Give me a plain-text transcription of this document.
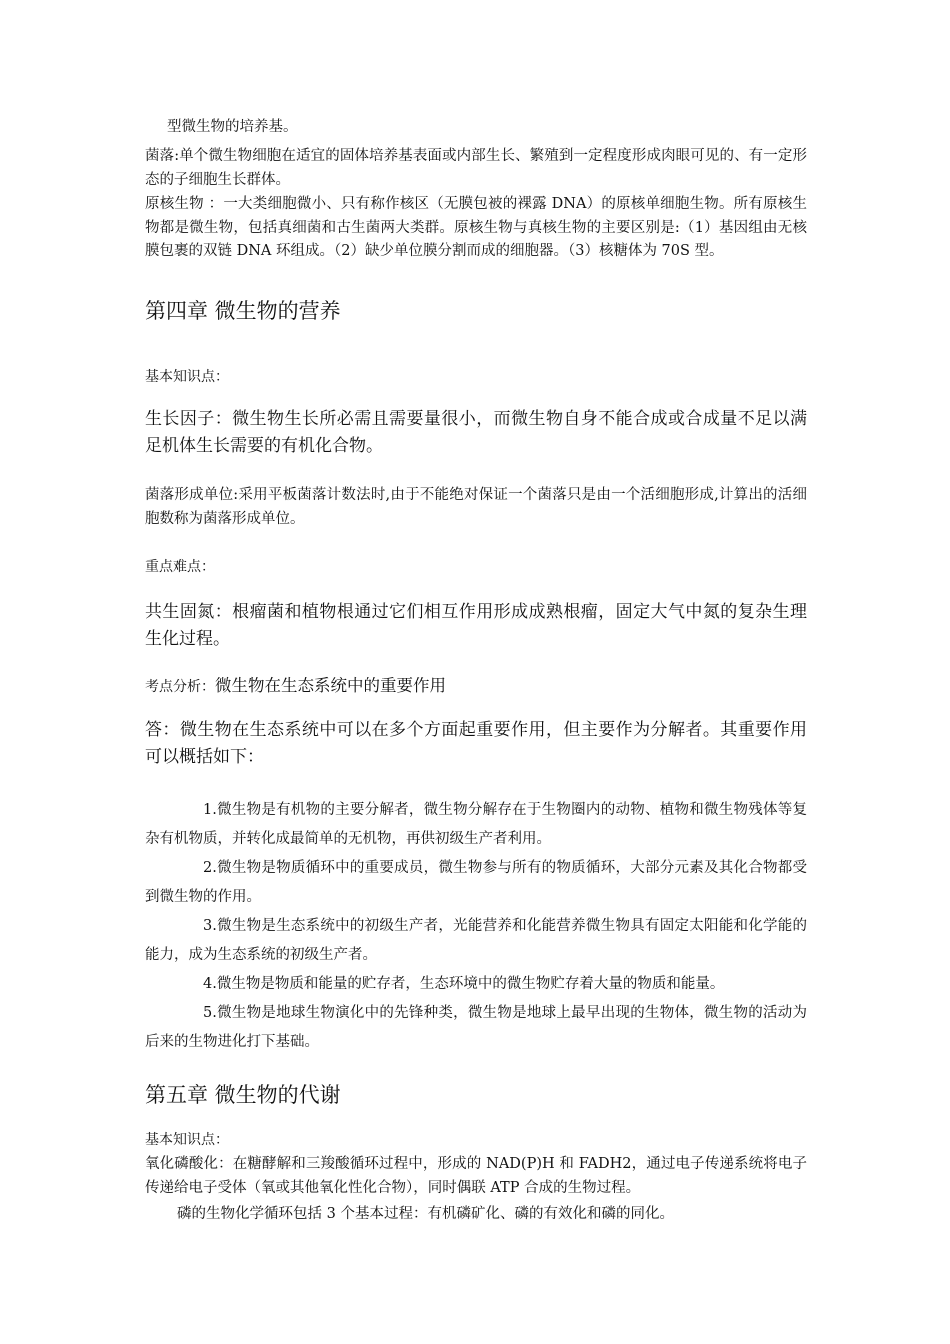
型微生物的培养基。

菌落:单个微生物细胞在适宜的固体培养基表面或内部生长、繁殖到一定程度形成肉眼可见的、有一定形态的子细胞生长群体。

原核生物 ：一大类细胞微小、只有称作核区（无膜包被的裸露 DNA）的原核单细胞生物。所有原核生物都是微生物，包括真细菌和古生菌两大类群。原核生物与真核生物的主要区别是:（1）基因组由无核膜包裹的双链 DNA 环组成。（2）缺少单位膜分割而成的细胞器。（3）核糖体为 70S 型。

第四章 微生物的营养

基本知识点：

生长因子：微生物生长所必需且需要量很小，而微生物自身不能合成或合成量不足以满足机体生长需要的有机化合物。

菌落形成单位:采用平板菌落计数法时,由于不能绝对保证一个菌落只是由一个活细胞形成,计算出的活细胞数称为菌落形成单位。

重点难点：

共生固氮：根瘤菌和植物根通过它们相互作用形成成熟根瘤，固定大气中氮的复杂生理生化过程。

考点分析：微生物在生态系统中的重要作用

答：微生物在生态系统中可以在多个方面起重要作用，但主要作为分解者。其重要作用可以概括如下：

1.微生物是有机物的主要分解者，微生物分解存在于生物圈内的动物、植物和微生物残体等复杂有机物质，并转化成最简单的无机物，再供初级生产者利用。

2.微生物是物质循环中的重要成员，微生物参与所有的物质循环，大部分元素及其化合物都受到微生物的作用。

3.微生物是生态系统中的初级生产者，光能营养和化能营养微生物具有固定太阳能和化学能的能力，成为生态系统的初级生产者。

4.微生物是物质和能量的贮存者，生态环境中的微生物贮存着大量的物质和能量。

5.微生物是地球生物演化中的先锋种类，微生物是地球上最早出现的生物体，微生物的活动为后来的生物进化打下基础。

第五章 微生物的代谢

基本知识点：

氧化磷酸化：在糖酵解和三羧酸循环过程中，形成的 NAD(P)H 和 FADH2，通过电子传递系统将电子传递给电子受体（氧或其他氧化性化合物），同时偶联 ATP 合成的生物过程。

磷的生物化学循环包括 3 个基本过程：有机磷矿化、磷的有效化和磷的同化。
